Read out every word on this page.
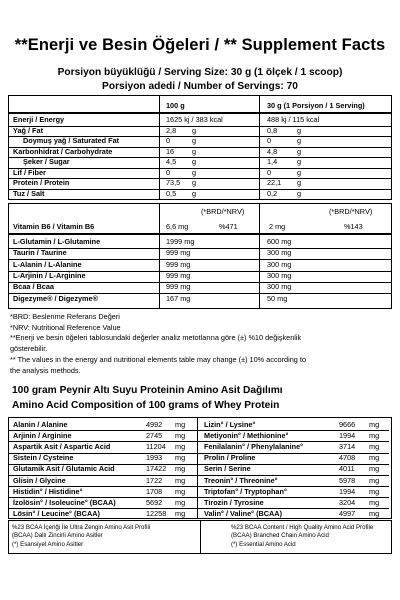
**Enerji ve Besin Öğeleri / ** Supplement Facts
Porsiyon büyüklüğü / Serving Size: 30 g (1 ölçek / 1 scoop)
Porsiyon adedi / Number of Servings: 70
100 g	30 g (1 Porsiyon / 1 Serving)
Enerji / Energy	1625 kj / 383 kcal	488 kj / 115 kcal
Yağ / Fat	2,8 g	0,8	g
Doymuş yağ / Saturated Fat	0	g	0	g
Karbonhidrat / Carbohydrate	16 g	4,8	g
Şeker / Sugar	4,5 g	1,4	g
Lif / Fiber	0	g	0	g
Protein / Protein	73,5 g	22,1 g
Tuz / Salt	0,5 g	0,2	g
(*BRD/*NRV)	(*BRD/*NRV)
Vitamin B6 / Vitamin B6	6,6 mg	%471	2 mg	%143
L-Glutamin / L-Glutamine	1999 mg	600 mg
Taurin / Taurine	999 mg	300 mg
L-Alanin / L-Alanine	999 mg	300 mg
L-Arjinin / L-Arginine	999 mg	300 mg
Bcaa / Bcaa	999 mg	300 mg
Digezyme® / Digezyme®	167 mg	50 mg
*BRD: Beslenme Referans Değeri
*NRV: Nutritional Reference Value
**Enerji ve besin öğeleri tablosundaki değerler analiz metotlarına göre (±) %10 değişkenlik
gösterebilir.
** The values in the energy and nutritional elements table may change (±) 10% according to
the analysis methods.
100 gram Peynir Altı Suyu Proteinin Amino Asit Dağılımı
Amino Acid Composition of 100 grams of Whey Protein
Alanin / Alanine	4992 mg	Lizin° / Lysine°	9666 mg
Arjinin / Arginine	2745 mg	Metiyonin° / Methionine°	1994 mg
Aspartik Asit / Aspartic Acid	11204 mg	Fenilalanin° / Phenylalanine°	3714 mg
Sistein / Cysteine	1993 mg	Prolin / Proline	4708 mg
Glutamik Asit / Glutamic Acid	17422 mg	Serin / Serine	4011 mg
Glisin / Glycine	1722 mg	Treonin° / Threonine°	5978 mg
Histidin° / Histidine°	1708 mg	Triptofan° / Tryptophan°	1994 mg
İzolösin° / Isoleucine° (BCAA)	5692 mg	Tirozin / Tyrosine	3204 mg
Lösin° / Leucine° (BCAA)	12258 mg	Valin° / Valine° (BCAA)	4997 mg
%23 BCAA İçeriği İle Ultra Zengin Amino Asit Profili
(BCAA) Dallı Zincirli Amino Asitler
(*) Esansiyel Amino Asitler
%23 BCAA Content / High Quality Amino Acid Profile
(BCAA) Branched Chain Amino Acid
(*) Essential Amino Acid
